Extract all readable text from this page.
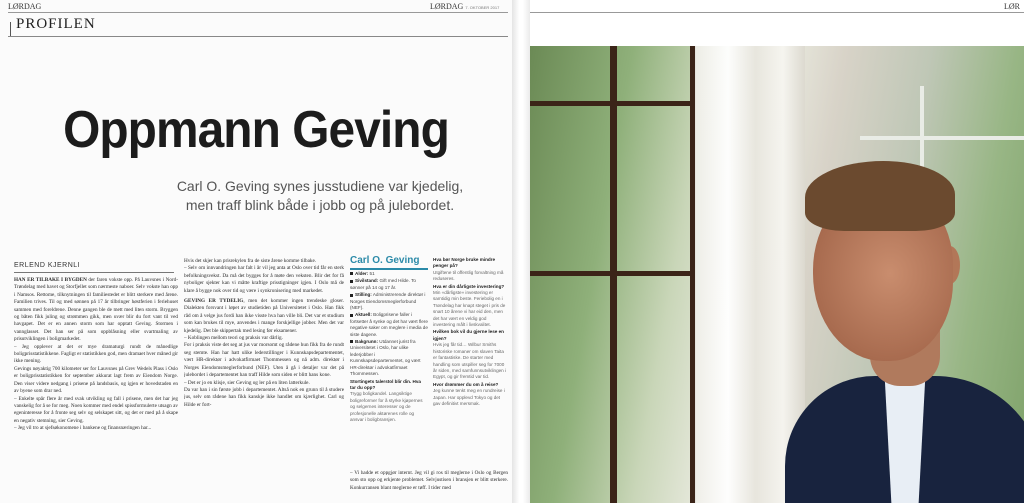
LØRDAG	LØRDAG 7. OKTOBER 2017
PROFILEN
Oppmann Geving
Carl O. Geving synes jusstudiene var kjedelig,
men traff blink både i jobb og på julebordet.
ERLEND KJERNLI

HAN ER TILBAKE I BYGDEN der faren vokste opp. På Lauvsnes i Nord-Trøndelag med havet og Storfjellet som nærmeste naboer. Selv vokste han opp i Namsos. Rettome, tilknytningen til familiestedet er blitt sterkere med årene. Familien trives. Til og med sønnen på 17 år tilbringer høstferien i feriehuset sammen med foreldrene. Denne gangen ble de mett med liten storm. Bryggen og båten fikk juling og strømmen gikk, men uvær blir du fort vant til ved havgapet. Det er en annen storm som har opptatt Geving. Stormen i vannglasset. Det han ser på som oppblåsning eller svartmaling av prisutviklingen i boligmarkedet.

– Jeg opplever at det er mye dramaturgi rundt de månedlige boligprisstatistikkene. Fagligt er statistikken god, men dramaet hver måned gir ikke mening.

Gevings nøyaktig 700 kilometer ser for Lauvsnes på Grev Wedels Plass i Oslo er boligprisstatistikken for september akkurat lagt frem av Eiendom Norge. Den viser videre nedgang i prisene på landsbasis, og igjen er hovedstaden en av byene som drar ned.

– Enkelte spår flere år med svak utvikling og fall i prisene, men det har jeg vanskelig for å se for meg. Noen kommer med endel spissformulerte utsagn av egeninteresse for å fronte seg selv og selskapet sitt, og det er med på å skape en negativ stemning, sier Geving.

– Jeg vil tro at sjefsøkonomene i bankene og finansnæringen har...

Hvis det skjer kan prisrekylen fra de siste årene komme tilbake.

– Selv om innvandringen har falt i år vil jeg anta at Oslo over tid får en sterk befolkningsvekst. Da må det bygges for å møte den veksten. Blir det for få nyboliger sjekter kan vi måtte kraftige prisstigninger igjen. I Oslo må de klare å bygge nok over tid og være i synkronisering med markedet.

GEVING ER TYDELIG, men det kommer ingen trendeske gloser. Dialekten forsvant i løpet av studietiden på Universitetet i Oslo. Han fikk råd om å velge jus fordi han ikke visste hva han ville bli. Det var et studium som kan brukes til mye, anvendes i mange forskjellige jobber. Men det var kjedelig. Det ble skippertak med lesing før eksamener.

– Koblingen mellom teori og praksis var dårlig.

For i praksis viste det seg at jus var morsomt og rådene hun fikk fra de rundt seg stemte. Han har hatt ulike lederstillinger i Kunnskapsdepartementet, vært HR-direktør i advokatfirmaet Thommessen og nå adm. direktør i Norges Eiendomsmeglerforbund (NEF). Uten å gå i detaljer var det på julebordet i departementet han traff Hilde som siden er blitt hans kone.

– Det er jo en klisje, sier Geving og ler på en liten latterkule.

Da var han i sin første jobb i departementet. Altså nok en grunn til å studere jus, selv om rådene han fikk kanskje ikke handlet om kjærlighet. Carl og Hilde er fort-

Carl O. Geving
Alder: 51
Sivilstand: Gift med Hilde. To sønner på 14 og 17 år.
Stilling: Administrerende direktør i Norges Eiendomsmeglerforbund (NEF).
Aktuell: Boligprisene faller i fortsetter å synke og det har vært flere negative saker om meglere i media de siste dagene.
Bakgrunn: Utdannet jurist fra Universitetet i Oslo, har ulike lederjobber i Kunnskapsdepartementet, og vært HR-direktør i advokatfirmaet Thommessen.
Stortingets talerstol blir din. Hva tar du opp?
Trygg boligkandel. Langsiktige boligreformer for å styrke kjøpernes og selgernes interesser og de profesjonelle aktørenes rolle og ansvar i boligbransjen.
Hva bør Norge bruke mindre penger på?
Utgiftene til offentlig forvaltning må reduseres.
Hva er din dårligste investering?
Min «dårligste» investering er samtidig min beste. Feriebolig en i Trøndelag har knapt steget i pris de snart 10 årene vi har eid den, men det har vært en veldig god investering målt i livskvalitet.
Hvilken bok vil du gjerne lese en igjen?
Hvis jeg får tid… Wilbur Smiths historiske romaner om slaven Taita er fantastiske. De starter med handling som utspiller seg for 7000 år siden, med samfunnsutviklingen i Egypt, og gir fremtid var tid.
Hvor drømmer du om å reise?
Jeg kunne tenkt meg en rundreise i Japan. Har opplevd Tokyo og det gav definitivt mersmak.

– Vi hadde et oppgjør internt. Jeg vil gi ros til meglerne i Oslo og Bergen som sto opp og erkjente problemet. Selvjustisen i bransjen er blitt sterkere. Konkurransen blant meglerne er tøff. I tider med

LØR
